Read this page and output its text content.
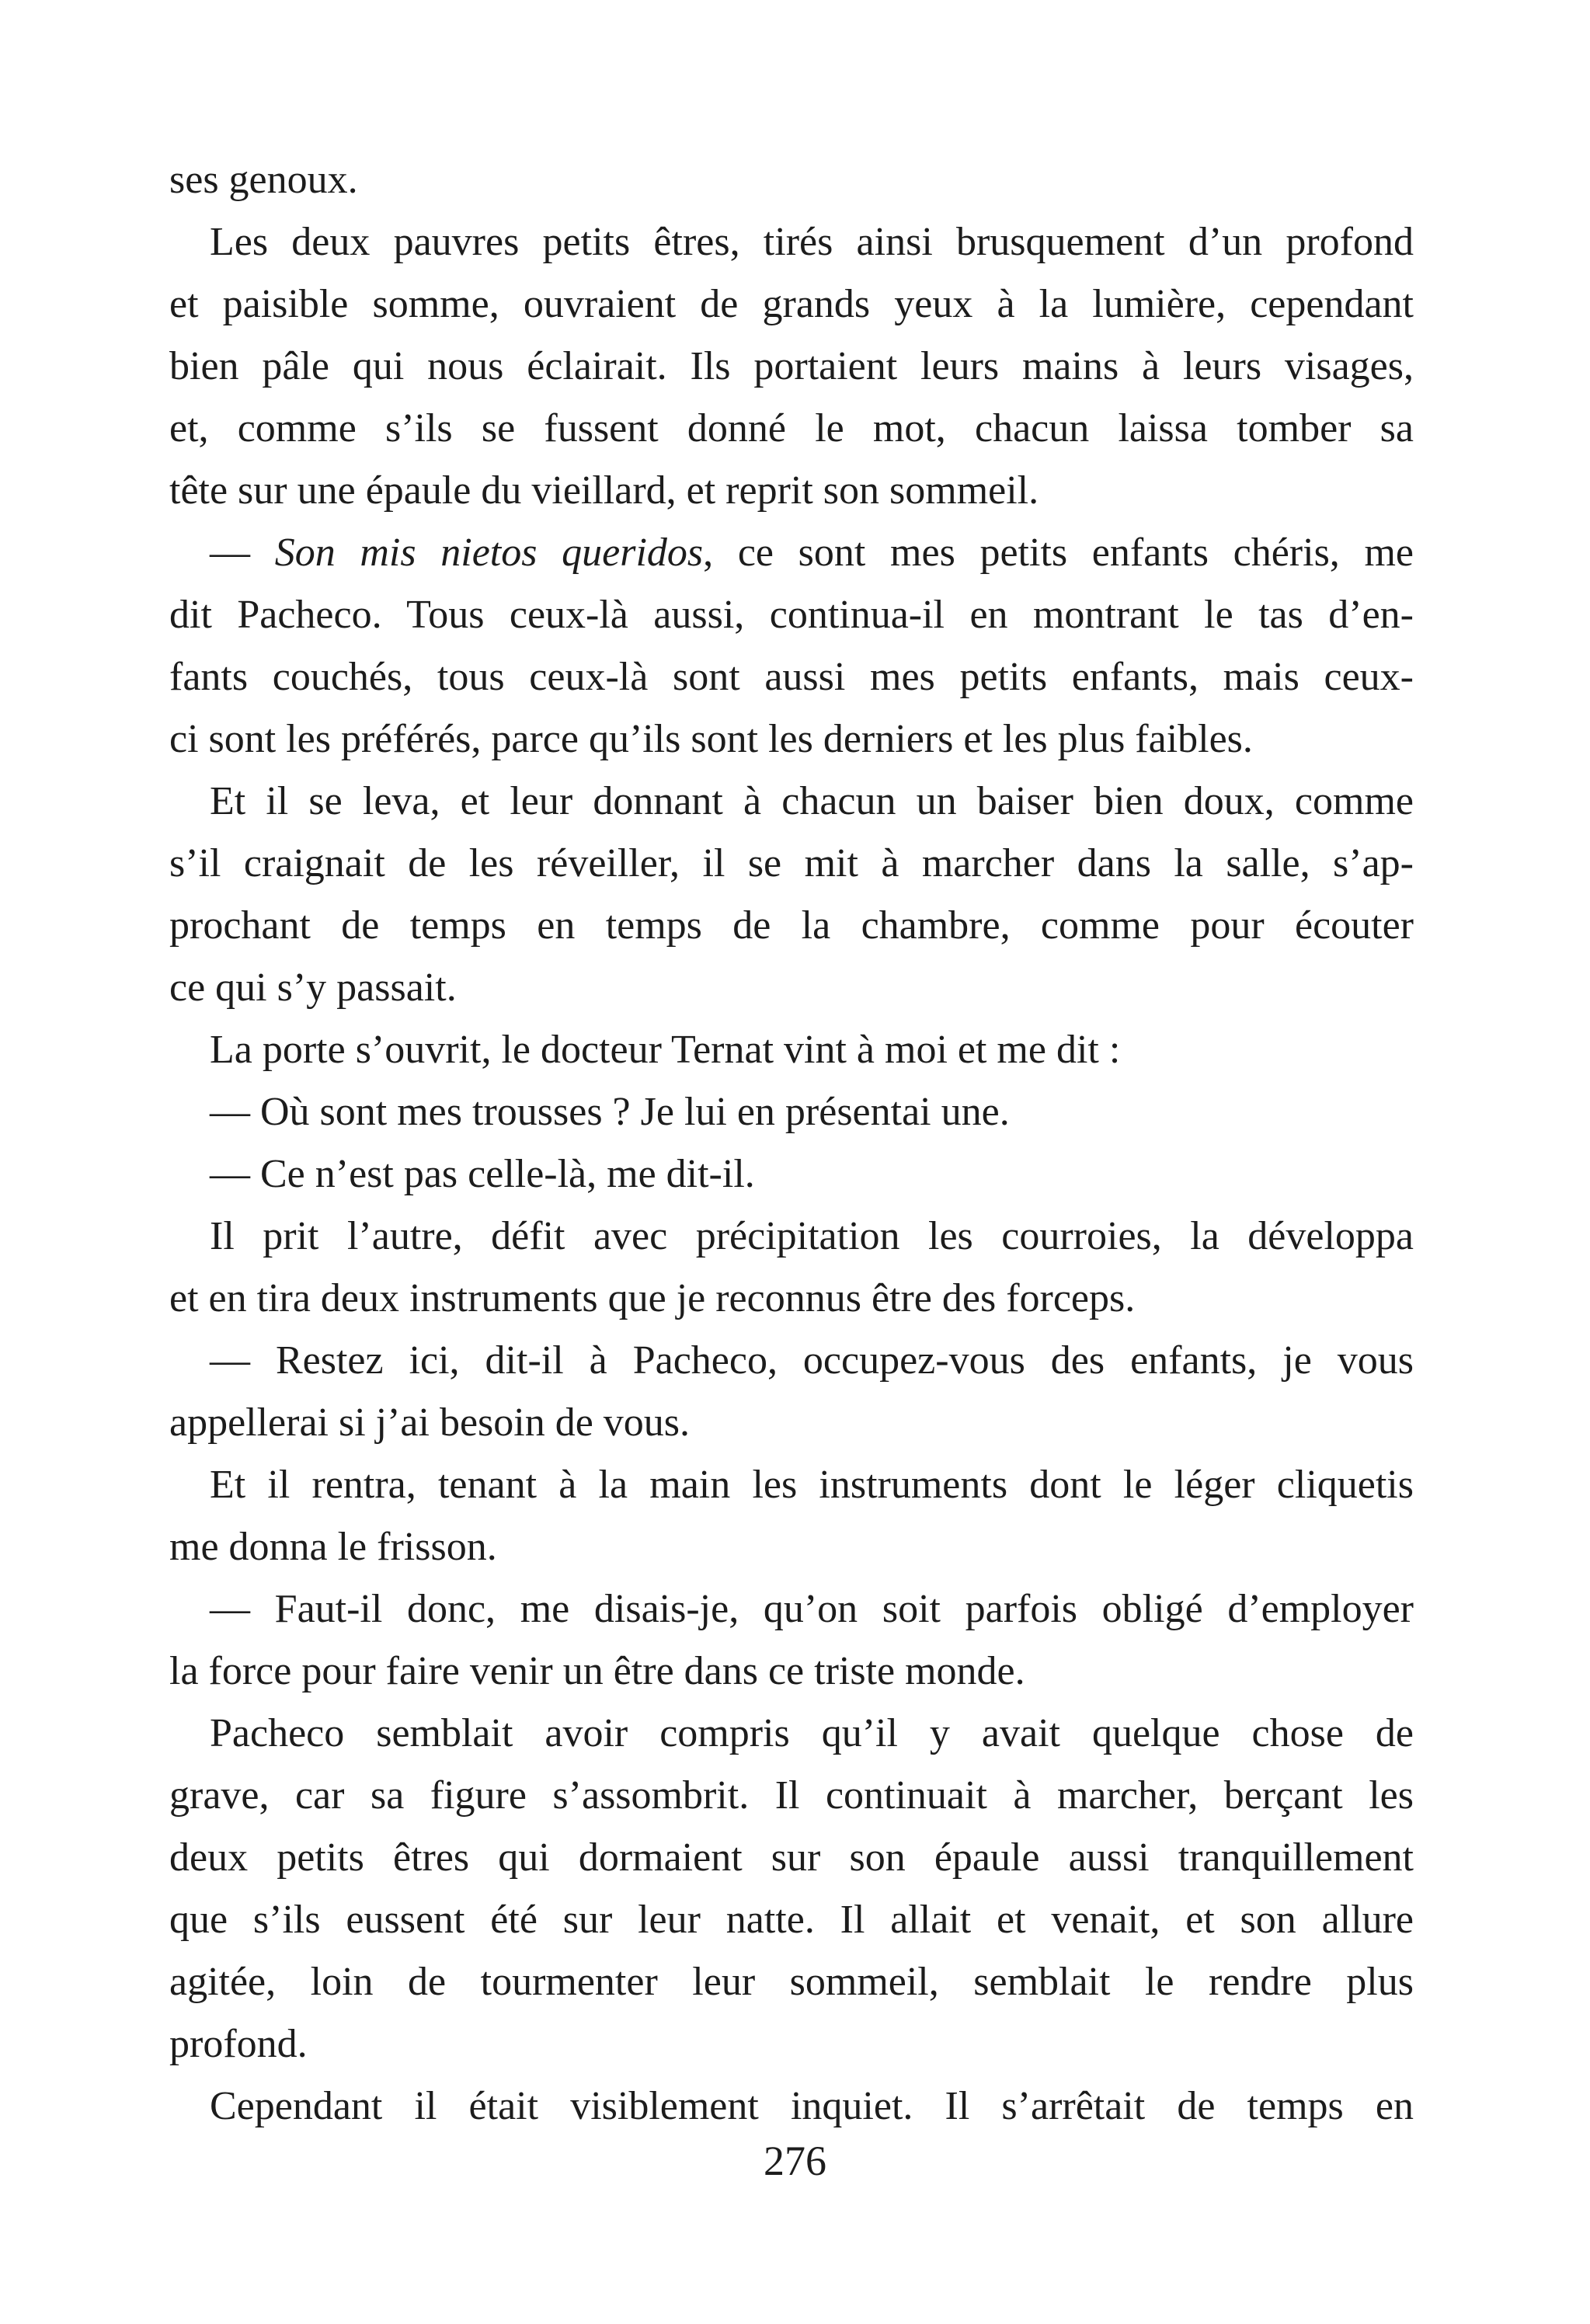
ses genoux.
Les deux pauvres petits êtres, tirés ainsi brusquement d’un profond
et paisible somme, ouvraient de grands yeux à la lumière, cependant
bien pâle qui nous éclairait. Ils portaient leurs mains à leurs visages,
et, comme s’ils se fussent donné le mot, chacun laissa tomber sa
tête sur une épaule du vieillard, et reprit son sommeil.
— Son mis nietos queridos, ce sont mes petits enfants chéris, me
dit Pacheco. Tous ceux-là aussi, continua-il en montrant le tas d’en-
fants couchés, tous ceux-là sont aussi mes petits enfants, mais ceux-
ci sont les préférés, parce qu’ils sont les derniers et les plus faibles.
Et il se leva, et leur donnant à chacun un baiser bien doux, comme
s’il craignait de les réveiller, il se mit à marcher dans la salle, s’ap-
prochant de temps en temps de la chambre, comme pour écouter
ce qui s’y passait.
La porte s’ouvrit, le docteur Ternat vint à moi et me dit :
— Où sont mes trousses ? Je lui en présentai une.
— Ce n’est pas celle-là, me dit-il.
Il prit l’autre, défit avec précipitation les courroies, la développa
et en tira deux instruments que je reconnus être des forceps.
— Restez ici, dit-il à Pacheco, occupez-vous des enfants, je vous
appellerai si j’ai besoin de vous.
Et il rentra, tenant à la main les instruments dont le léger cliquetis
me donna le frisson.
— Faut-il donc, me disais-je, qu’on soit parfois obligé d’employer
la force pour faire venir un être dans ce triste monde.
Pacheco semblait avoir compris qu’il y avait quelque chose de
grave, car sa figure s’assombrit. Il continuait à marcher, berçant les
deux petits êtres qui dormaient sur son épaule aussi tranquillement
que s’ils eussent été sur leur natte. Il allait et venait, et son allure
agitée, loin de tourmenter leur sommeil, semblait le rendre plus
profond.
Cependant il était visiblement inquiet. Il s’arrêtait de temps en
276
